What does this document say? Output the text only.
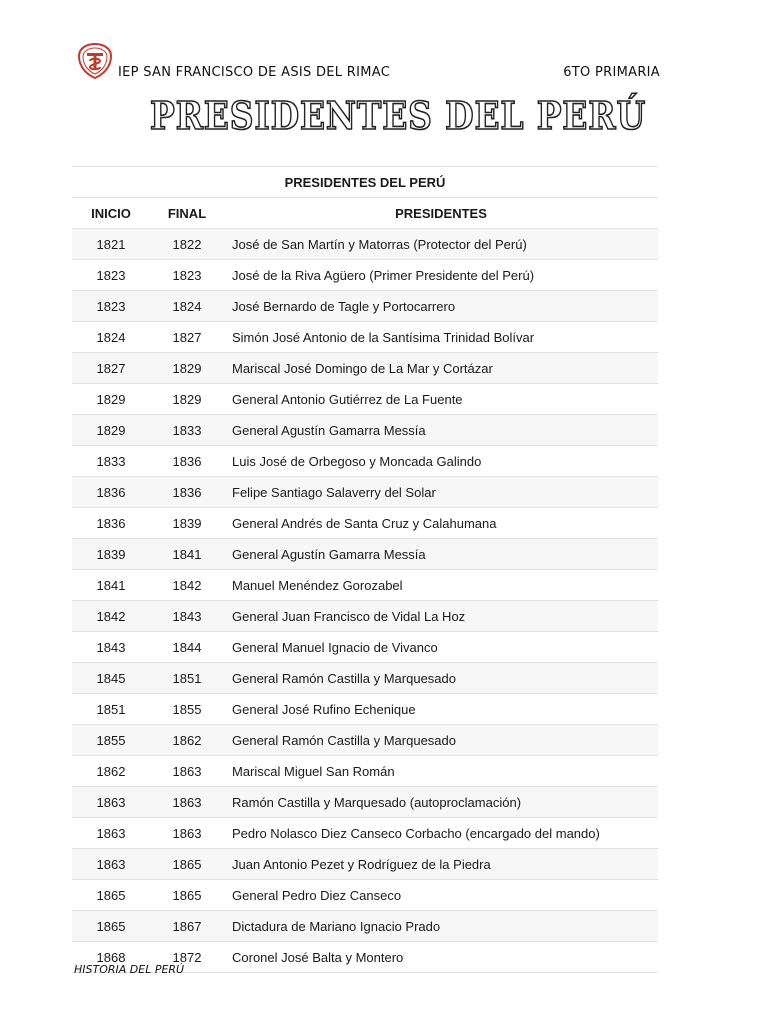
IEP SAN FRANCISCO DE ASIS DEL RIMAC	6TO PRIMARIA
PRESIDENTES DEL PERÚ
PRESIDENTES DEL PERÚ		
INICIO	FINAL	PRESIDENTES
1821	1822	José de San Martín y Matorras (Protector del Perú)
1823	1823	José de la Riva Agüero (Primer Presidente del Perú)
1823	1824	José Bernardo de Tagle y Portocarrero
1824	1827	Simón José Antonio de la Santísima Trinidad Bolívar
1827	1829	Mariscal José Domingo de La Mar y Cortázar
1829	1829	General Antonio Gutiérrez de La Fuente
1829	1833	General Agustín Gamarra Messía
1833	1836	Luis José de Orbegoso y Moncada Galindo
1836	1836	Felipe Santiago Salaverry del Solar
1836	1839	General Andrés de Santa Cruz y Calahumana
1839	1841	General Agustín Gamarra Messía
1841	1842	Manuel Menéndez Gorozabel
1842	1843	General Juan Francisco de Vidal La Hoz
1843	1844	General Manuel Ignacio de Vivanco
1845	1851	General Ramón Castilla y Marquesado
1851	1855	General José Rufino Echenique
1855	1862	General Ramón Castilla y Marquesado
1862	1863	Mariscal Miguel San Román
1863	1863	Ramón Castilla y Marquesado (autoproclamación)
1863	1863	Pedro Nolasco Diez Canseco Corbacho (encargado del mando)
1863	1865	Juan Antonio Pezet y Rodríguez de la Piedra
1865	1865	General Pedro Diez Canseco
1865	1867	Dictadura de Mariano Ignacio Prado
1868	1872	Coronel José Balta y Montero
HISTORIA DEL PERÚ
